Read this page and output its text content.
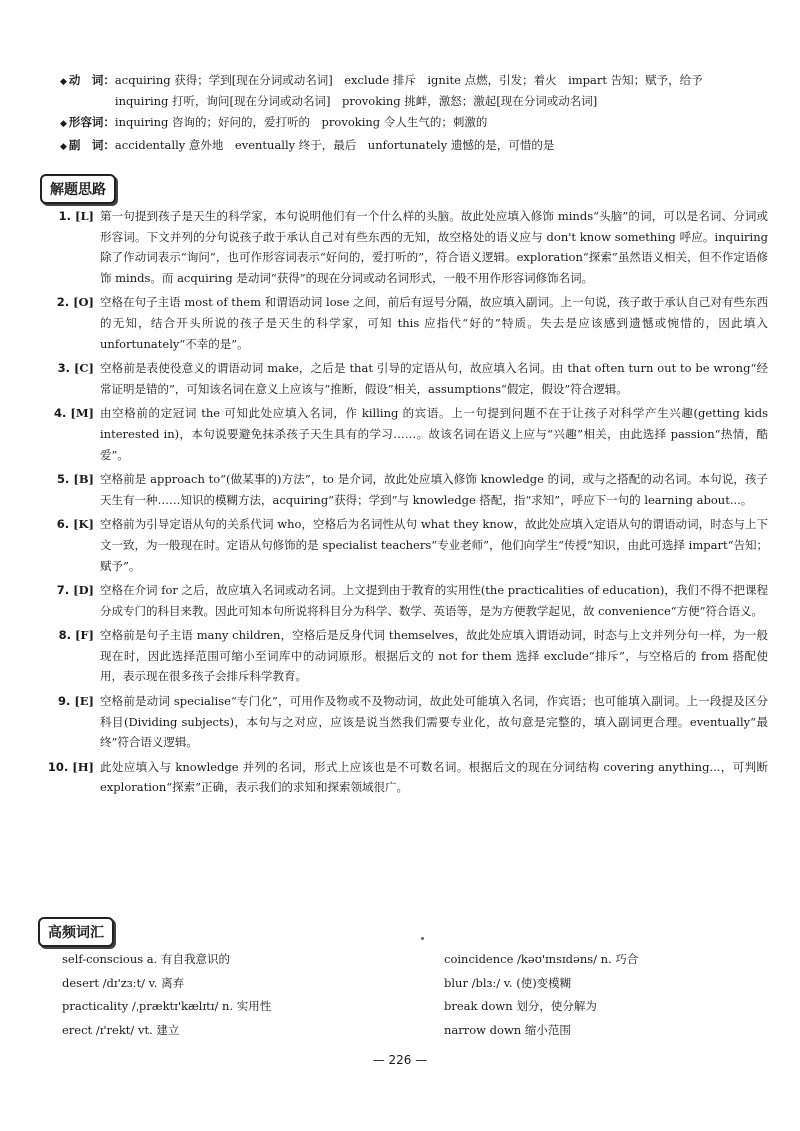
◆ 动　词： acquiring 获得；学到[现在分词或动名词]　exclude 排斥　ignite 点燃，引发；着火　impart 告知；赋予，给予　inquiring 打听，询问[现在分词或动名词]　provoking 挑衅，激怒；激起[现在分词或动名词]
◆ 形容词： inquiring 咨询的；好问的，爱打听的　provoking 令人生气的；刺激的
◆ 副　词： accidentally 意外地　eventually 终于，最后　unfortunately 遗憾的是，可惜的是
解题思路
1. [L] 第一句提到孩子是天生的科学家，本句说明他们有一个什么样的头脑。故此处应填入修饰 minds“头脑”的词，可以是名词、分词或形容词。下文并列的分句说孩子敢于承认自己对有些东西的无知，故空格处的语义应与 don't know something 呼应。inquiring 除了作动词表示“询问”，也可作形容词表示“好问的，爱打听的”，符合语义逻辑。exploration“探索”虽然语义相关，但不作定语修饰 minds。而 acquiring 是动词“获得”的现在分词或动名词形式，一般不用作形容词修饰名词。
2. [O] 空格在句子主语 most of them 和谓语动词 lose 之间，前后有逗号分隔，故应填入副词。上一句说，孩子敢于承认自己对有些东西的无知，结合开头所说的孩子是天生的科学家，可知 this 应指代“好的”特质。失去是应该感到遗憾或惋惜的，因此填入 unfortunately“不幸的是”。
3. [C] 空格前是表使役意义的谓语动词 make，之后是 that 引导的定语从句，故应填入名词。由 that often turn out to be wrong“经常证明是错的”，可知该名词在意义上应该与“推断，假设”相关，assumptions“假定，假设”符合逻辑。
4. [M] 由空格前的定冠词 the 可知此处应填入名词，作 killing 的宾语。上一句提到问题不在于让孩子对科学产生兴趣(getting kids interested in)，本句说要避免抹杀孩子天生具有的学习……。故该名词在语义上应与“兴趣”相关，由此选择 passion“热情，酷爱”。
5. [B] 空格前是 approach to“(做某事的)方法”，to 是介词，故此处应填入修饰 knowledge 的词，或与之搭配的动名词。本句说，孩子天生有一种……知识的模糊方法，acquiring“获得；学到”与 knowledge 搭配，指“求知”，呼应下一句的 learning about...。
6. [K] 空格前为引导定语从句的关系代词 who，空格后为名词性从句 what they know，故此处应填入定语从句的谓语动词，时态与上下文一致，为一般现在时。定语从句修饰的是 specialist teachers“专业老师”，他们向学生“传授”知识，由此可选择 impart“告知；赋予”。
7. [D] 空格在介词 for 之后，故应填入名词或动名词。上文提到由于教育的实用性(the practicalities of education)，我们不得不把课程分成专门的科目来教。因此可知本句所说将科目分为科学、数学、英语等，是为方便教学起见，故 convenience“方便”符合语义。
8. [F] 空格前是句子主语 many children，空格后是反身代词 themselves，故此处应填入谓语动词，时态与上文并列分句一样，为一般现在时，因此选择范围可缩小至词库中的动词原形。根据后文的 not for them 选择 exclude“排斥”，与空格后的 from 搭配使用，表示现在很多孩子会排斥科学教育。
9. [E] 空格前是动词 specialise“专门化”，可用作及物或不及物动词，故此处可能填入名词，作宾语；也可能填入副词。上一段提及区分科目(Dividing subjects)，本句与之对应，应该是说当然我们需要专业化，故句意是完整的，填入副词更合理。eventually“最终”符合语义逻辑。
10. [H] 此处应填入与 knowledge 并列的名词，形式上应该也是不可数名词。根据后文的现在分词结构 covering anything...，可判断 exploration“探索”正确，表示我们的求知和探索领域很广。
高频词汇
self-conscious a. 有自我意识的
desert /dɪ'zɜːt/ v. 离弃
practicality /ˌpræktɪ'kælɪtɪ/ n. 实用性
erect /ɪ'rekt/ vt. 建立
coincidence /kəʊ'ɪnsɪdəns/ n. 巧合
blur /blɜː/ v. (使)变模糊
break down 划分，使分解为
narrow down 缩小范围
— 226 —
